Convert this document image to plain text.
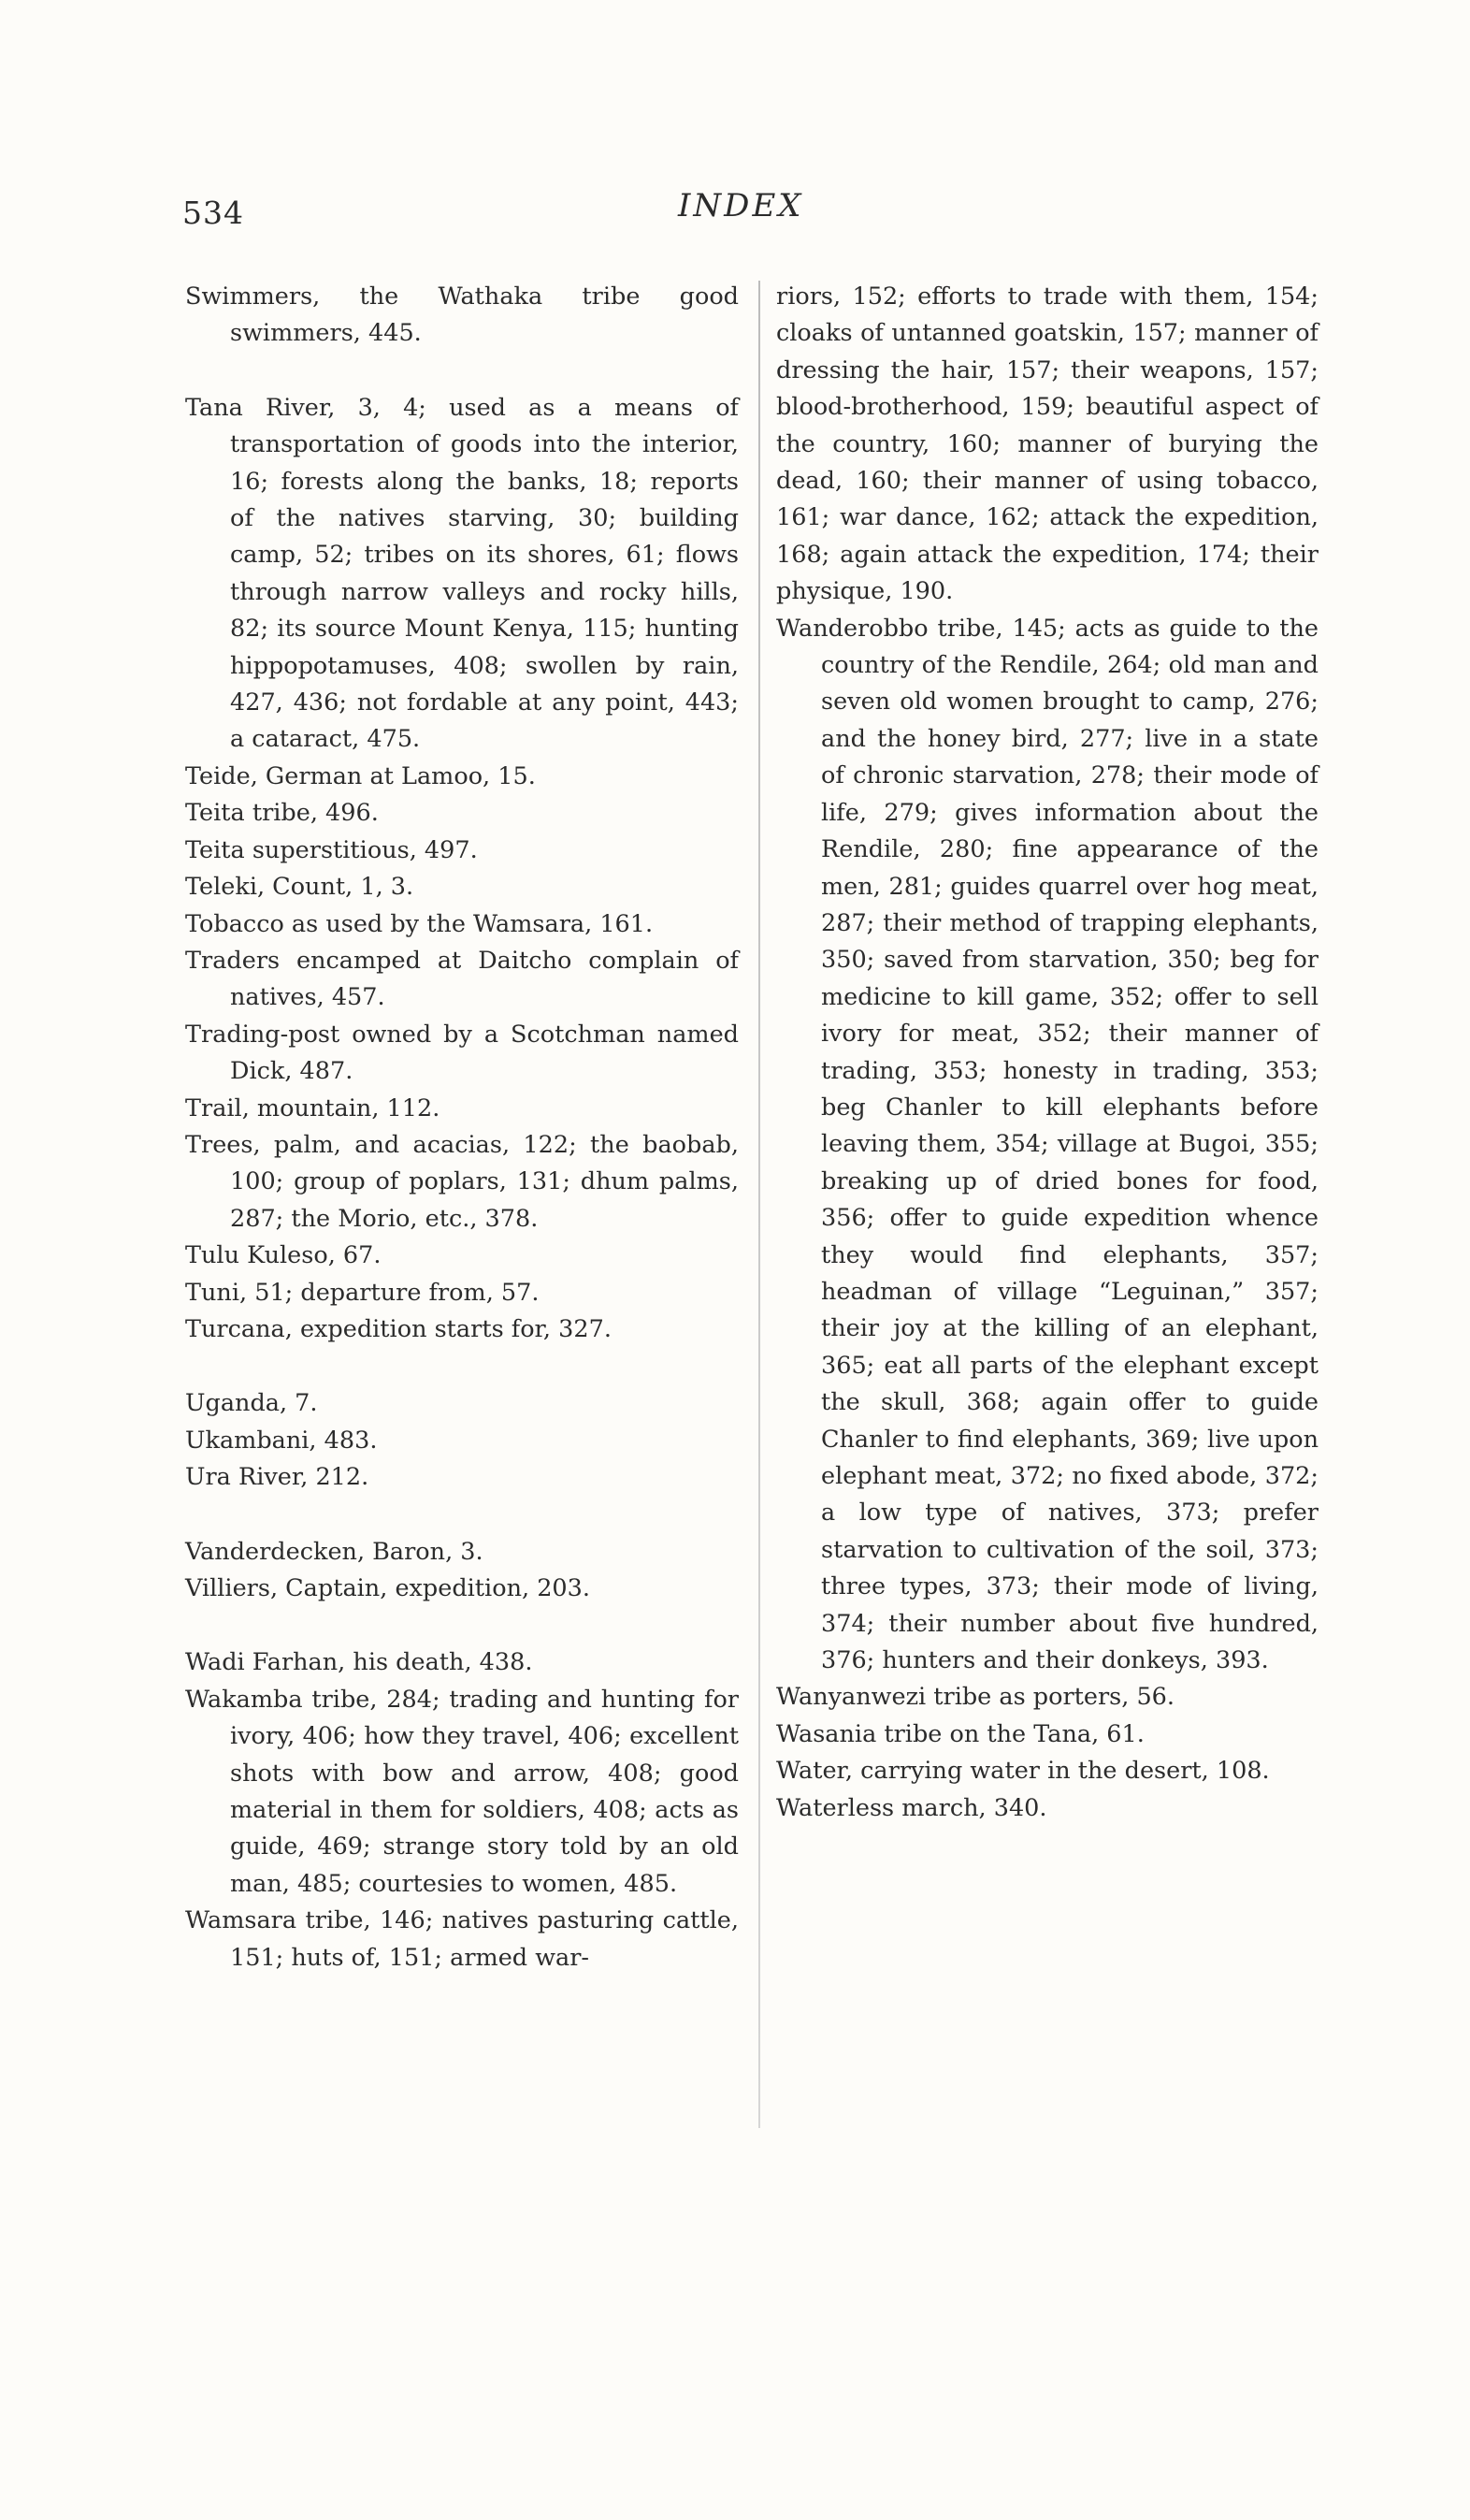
534	INDEX
Swimmers, the Wathaka tribe good swimmers, 445.
Tana River, 3, 4; used as a means of transportation of goods into the interior, 16; forests along the banks, 18; reports of the natives starving, 30; building camp, 52; tribes on its shores, 61; flows through narrow valleys and rocky hills, 82; its source Mount Kenya, 115; hunting hippopotamuses, 408; swollen by rain, 427, 436; not fordable at any point, 443; a cataract, 475.
Teide, German at Lamoo, 15.
Teita tribe, 496.
Teita superstitious, 497.
Teleki, Count, 1, 3.
Tobacco as used by the Wamsara, 161.
Traders encamped at Daitcho complain of natives, 457.
Trading-post owned by a Scotchman named Dick, 487.
Trail, mountain, 112.
Trees, palm, and acacias, 122; the baobab, 100; group of poplars, 131; dhum palms, 287; the Morio, etc., 378.
Tulu Kuleso, 67.
Tuni, 51; departure from, 57.
Turcana, expedition starts for, 327.
Uganda, 7.
Ukambani, 483.
Ura River, 212.
Vanderdecken, Baron, 3.
Villiers, Captain, expedition, 203.
Wadi Farhan, his death, 438.
Wakamba tribe, 284; trading and hunting for ivory, 406; how they travel, 406; excellent shots with bow and arrow, 408; good material in them for soldiers, 408; acts as guide, 469; strange story told by an old man, 485; courtesies to women, 485.
Wamsara tribe, 146; natives pasturing cattle, 151; huts of, 151; armed war-
riors, 152; efforts to trade with them, 154; cloaks of untanned goatskin, 157; manner of dressing the hair, 157; their weapons, 157; blood-brotherhood, 159; beautiful aspect of the country, 160; manner of burying the dead, 160; their manner of using tobacco, 161; war dance, 162; attack the expedition, 168; again attack the expedition, 174; their physique, 190.
Wanderobbo tribe, 145; acts as guide to the country of the Rendile, 264; old man and seven old women brought to camp, 276; and the honey bird, 277; live in a state of chronic starvation, 278; their mode of life, 279; gives information about the Rendile, 280; fine appearance of the men, 281; guides quarrel over hog meat, 287; their method of trapping elephants, 350; saved from starvation, 350; beg for medicine to kill game, 352; offer to sell ivory for meat, 352; their manner of trading, 353; honesty in trading, 353; beg Chanler to kill elephants before leaving them, 354; village at Bugoi, 355; breaking up of dried bones for food, 356; offer to guide expedition whence they would find elephants, 357; headman of village “Leguinan,” 357; their joy at the killing of an elephant, 365; eat all parts of the elephant except the skull, 368; again offer to guide Chanler to find elephants, 369; live upon elephant meat, 372; no fixed abode, 372; a low type of natives, 373; prefer starvation to cultivation of the soil, 373; three types, 373; their mode of living, 374; their number about five hundred, 376; hunters and their donkeys, 393.
Wanyanwezi tribe as porters, 56.
Wasania tribe on the Tana, 61.
Water, carrying water in the desert, 108.
Waterless march, 340.
